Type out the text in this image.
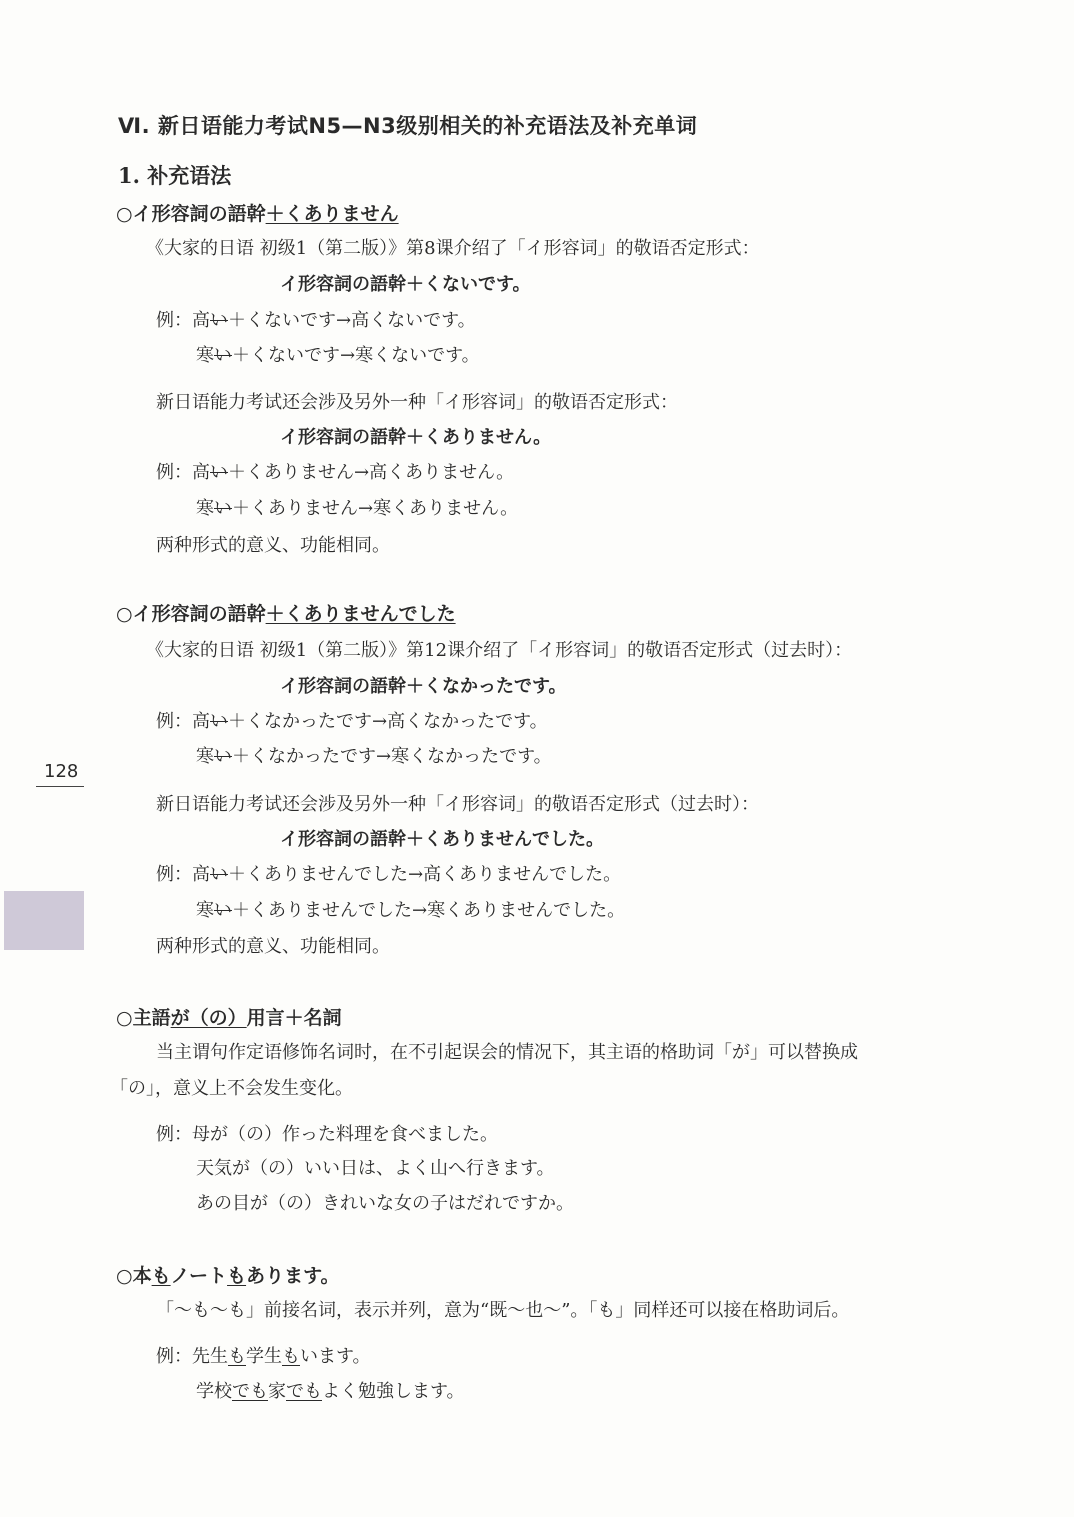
Ⅵ. 新日语能力考试N5—N3级别相关的补充语法及补充单词
1. 补充语法
○イ形容詞の語幹＋くありません
《大家的日语 初级1（第二版）》第8课介绍了「イ形容词」的敬语否定形式：
イ形容詞の語幹＋くないです。
例：高い＋くないです→高くないです。
寒い＋くないです→寒くないです。
新日语能力考试还会涉及另外一种「イ形容词」的敬语否定形式：
イ形容詞の語幹＋くありません。
例：高い＋くありません→高くありません。
寒い＋くありません→寒くありません。
两种形式的意义、功能相同。
○イ形容詞の語幹＋くありませんでした
《大家的日语 初级1（第二版）》第12课介绍了「イ形容词」的敬语否定形式（过去时）：
イ形容詞の語幹＋くなかったです。
例：高い＋くなかったです→高くなかったです。
寒い＋くなかったです→寒くなかったです。
新日语能力考试还会涉及另外一种「イ形容词」的敬语否定形式（过去时）：
イ形容詞の語幹＋くありませんでした。
例：高い＋くありませんでした→高くありませんでした。
寒い＋くありませんでした→寒くありませんでした。
两种形式的意义、功能相同。
○主語が（の）用言＋名詞
当主谓句作定语修饰名词时，在不引起误会的情况下，其主语的格助词「が」可以替换成
「の」，意义上不会发生变化。
例：母が（の）作った料理を食べました。
天気が（の）いい日は、よく山へ行きます。
あの目が（の）きれいな女の子はだれですか。
○本もノートもあります。
「～も～も」前接名词，表示并列，意为“既～也～”。「も」同样还可以接在格助词后。
例：先生も学生もいます。
学校でも家でもよく勉強します。
128
